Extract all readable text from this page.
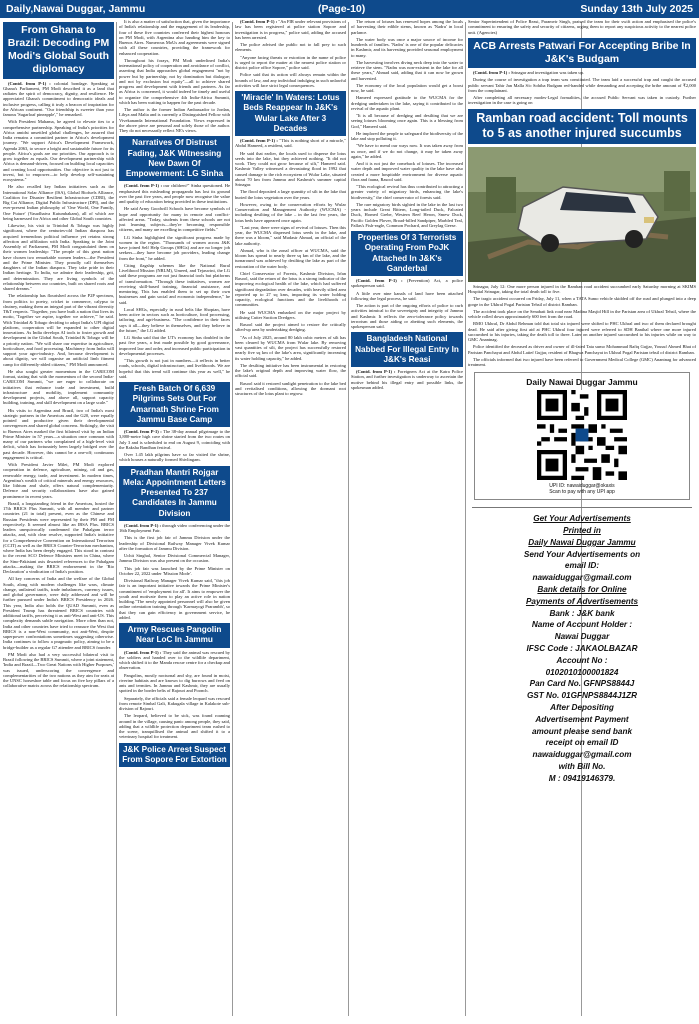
Daily,Nawai Duggar, Jammu	(Page-10)	Sunday 13th July 2025
From Ghana to Brazil: Decoding PM Modi's Global South diplomacy

(Contd. from P-1) : colonial bondage. Speaking at Ghana's Parliament, PM Modi described it as a land that radiates the spirit of democracy, dignity, and resilience. He appreciated Ghana's commitment to democratic ideals and inclusive progress, calling it truly a beacon of inspiration for the African continent. "Our friendship is sweeter than your famous 'Sugarloaf pineapple'," he remarked.

With President Mahama, he agreed to elevate ties to a comprehensive partnership. Speaking of India's priorities for Africa amidst unsettled global challenges, he assured that India remains a committed partner in Africa's development journey. "We support Africa's Development Framework, Agenda 2063, to secure a bright and sustainable future for its people. Africa's goals are our priorities. Our approach is to grow together as equals. Our development partnership with Africa is demand-driven, focused on building local capacities and creating local opportunities. Our objective is not just to invest, but to empower—to help develop self-sustaining ecosystems."

He also recalled key Indian initiatives such as the International Solar Alliance (ISA), Global Biofuels Alliance, Coalition for Disaster Resilient Infrastructure (CDRI), the Big Cat Alliance, Digital Public Infrastructure (DPI), and the ever-present Indian philosophy of 'One World, One Family, One Future' (Vasudhaiva Kutumbakam), all of which are being harnessed for Africa and other Global South countries.

Likewise, his visit to Trinidad & Tobago was highly significant, where the centuries-old Indian diaspora has acquired tremendous political influence yet retains strong affection and affiliation with India. Speaking to the Joint Assembly of Parliament, PM Modi congratulated them on their women leadership: "The people of this great nation have chosen two remarkable women leaders—the President and the Prime Minister. They proudly call themselves daughters of the Indian diaspora. They take pride in their Indian heritage. To India, we admire their leadership, grit, and determination. They are living symbols of the relationship between our countries, built on shared roots and shared dreams."

The relationship has flourished across the P2P spectrum, from politics to poetry, cricket to commerce, calypso to chutney, making them an integral part of the vibrant diversity T&T respects. "Together, you have built a nation that lives its motto, 'Together we aspire, together we achieve,'" he said. With Trinidad & Tobago deciding to adopt India's UPI digital platform, cooperation will be expanded to other digital innovations. As India develops AI tools to foster growth and development in the Global South, Trinidad & Tobago will be a priority nation. "We will share our expertise in agriculture, horticulture, and food processing. Machinery from India will support your agro-industry. And, because development is about dignity, we will organise an artificial limb fitment camp for differently-abled citizens," PM Modi announced.

He also sought greater momentum in the CARICOM format, stating that with the momentum of the second India-CARICOM Summit, "we are eager to collaborate on initiatives that enhance trade and investment, build infrastructure and mobility, implement community development projects, and above all, support capacity building, training, and skill development on a large scale."

His visits to Argentina and Brazil, two of India's most strategic partners in the Americas and the G20, were equally pointed and productive given their developmental convergences and shared global concerns. Strikingly, the visit to Buenos Aires marked the first bilateral visit by an Indian Prime Minister in 57 years—a situation once common with many of our partners who complained of a high-level visit deficit, which has fortunately been largely bridged over the past decade. However, this cannot be a one-off; continuous engagement is critical.

With President Javier Milei, PM Modi explored cooperation in defence, agriculture, mining, oil and gas, renewable energy, trade, and investment. In modern times, Argentina's wealth of critical minerals and energy resources, like lithium and shale, offers natural complementarity. Defence and security collaborations have also gained prominence in recent years.

Brazil, a longstanding friend in the Americas, hosted the 17th BRICS Plus Summit, with all member and partner countries (21 in total) present, even as the Chinese and Russian Presidents were represented by their PM and FM respectively. It seemed almost like an IBSA Plus. BRICS leaders unequivocally condemned the Pahalgam terror attacks, and, with clear resolve, supported India's initiative for a Comprehensive Convention on International Terrorism (CCIT) as well as the BRICS Counter-Terrorism mechanism, where India has been deeply engaged. This stood in contrast to the recent SCO Defence Ministers meet in China, where the Sino-Pakistani axis thwarted references to the Pahalgam attacks—making the BRICS endorsement in the 'Rio Declaration' a vindication of India's position.

All key concerns of India and the welfare of the Global South, along with modern challenges like wars, climate change, unilateral tariffs, trade imbalances, currency issues, and global governance, were duly addressed and will be further pursued under India's BRICS Presidency in 2026. This year, India also holds the QUAD Summit, even as President Trump has threatened BRICS countries with additional tariffs, perceiving it as anti-West and anti-US. This complexity demands subtle navigation. More often than not, India and other countries have tried to reassure the West that BRICS is a non-West community, not anti-West, despite superpower confrontations sometimes suggesting otherwise. India continues to follow a pragmatic policy, aiming to be a bridge-builder as a regular G7 attendee and BRICS founder.

PM Modi also had a very successful bilateral visit to Brazil following the BRICS Summit, where a joint statement, 'India and Brazil—Two Great Nations with Higher Purposes,' was issued, underscoring the convergence and complementarities of the two nations as they aim for seats at the UNSC horseshoe table and focus on five key pillars of a collaborative matrix across the relationship spectrum.

It is also a matter of satisfaction that, given the importance of India's relationship and the engagement of its leadership, four of these five countries conferred their highest honours on PM Modi, with Argentina also handing him the key to Buenos Aires. Numerous MoUs and agreements were signed with all these countries, providing the framework for enhanced cooperation.

Throughout his forays, PM Modi underlined India's international policy of cooperation and avoidance of conflict, asserting that India approaches global engagement "not by power but by partnership; not by domination but dialogue; and not by exclusion but equity"—all to achieve shared progress and development with friends and partners. As far as Africa is concerned, it would indeed be timely and useful to organize the comprehensive 4th India-Africa Summit, which has been waiting to happen for the past decade.

The author is the former Indian Ambassador to Jordan, Libya and Malta and is currently a Distinguished Fellow with Vivekananda International Foundation. Views expressed in the above piece are personal and solely those of the author. They do not necessarily reflect NE's views.

Narratives Of Distrust Fading, J&K Witnessing New Dawn Of Empowerment: LG Sinha

(Contd. from P-1) : our children?" Sinha questioned. He emphasised this misleading propaganda has lost its ground over the past five years, and people now recognise the value and quality of education being provided in these institutions.

He said Army Goodwill Schools have become symbols of hope and opportunity for many in remote and conflict-affected areas. "Today, students from these schools are not just learning subjects—they're becoming responsible citizens, and many are excelling in competitive fields."

LG Sinha highlighted the significant progress made by women in the region. "Thousands of women across J&K have joined Self Help Groups (SHGs) and are no longer job seekers—they have become job providers, leading change from the front," he added.

Citing flagship schemes like the National Rural Livelihood Mission (NRLM), Umeed, and Tejaswini, the LG said these programs are not just financial tools but platforms of transformation. "Through these initiatives, women are receiving skill-based training, financial assistance, and mentoring. This has enabled them to set up their own businesses and gain social and economic independence," he said.

Local SHGs, especially in rural belts like Shopian, have been active in sectors such as horticulture, food processing, tailoring, and agri-business. "The confidence in their faces says it all—they believe in themselves, and they believe in the future," the LG added.

LG Sinha said that the UT's economy has doubled in the past five years, a feat made possible by good governance, improved law and order, and increased public participation in developmental processes.

"This growth is not just in numbers—it reflects in better roads, schools, digital infrastructure, and livelihoods. We are hopeful that this trend will continue this year as well," he said.

Fresh Batch Of 6,639 Pilgrims Sets Out For Amarnath Shrine From Jammu Base Camp

(Contd. from P-1) : The 38-day annual pilgrimage to the 3,880-metre high cave shrine started from the two routes on July 3 and is scheduled to end on August 9, coinciding with the Raksha Bandhan festival.

Over 1.45 lakh pilgrims have so far visited the shrine, which houses a naturally formed Shivlingam.

Pradhan Mantri Rojgar Mela: Appointment Letters Presented To 237 Candidates In Jammu Division

(Contd. from P-1) : through video conferencing under the 16th Employment Fair.

This is the first job fair of Jammu Division under the leadership of Divisional Railway Manager Vivek Kumar after the formation of Jammu Division.

Uchit Singhal, Senior Divisional Commercial Manager, Jammu Division was also present on the occasion.

This job fair was launched by the Prime Minister on October 22, 2022 under 'Mission Mode'.

Divisional Railway Manager Vivek Kumar said, "this job fair is an important initiative towards the Prime Minister's commitment of 'employment for all'. It aims to empower the youth and motivate them to play an active role in nation building."The newly appointed personnel will also be given online orientation training through 'Karmayogi Prarambh', so that they can gain efficiency in government service, he added.

Army Rescues Pangolin Near LoC In Jammu

(Contd. from P-1) : They said the animal was rescued by the soldiers and handed over to the wildlife department, which shifted it to the Manda rescue centre for a checkup and observation.

Pangolins, mostly nocturnal and shy, are found in moist, riverine habitats and are known to dig burrows and feed on ants and termites. In Jammu and Kashmir, they are usually spotted in the border belts of Rajouri and Poonch.

Separately, the officials said a female leopard was rescued from remote Simbal Gali, Kakugala village in Kalakote sub-division of Rajouri.

The leopard, believed to be sick, was found roaming around in the village, causing panic among people, they said, adding that a wildlife protection department team rushed to the scene, tranquillised the animal and shifted it to a veterinary hospital for treatment.

J&K Police Arrest Suspect From Sopore For Extortion

(Contd. from P-1) : "An FIR under relevant provisions of law has been registered at police station Sopore and investigation is in progress," police said, adding the accused has been arrested.

The police advised the public not to fall prey to such elements.

"Anyone facing threats or extortion in the name of police is urged to report the matter at the nearest police station or district police office Sopore," police said.

Police said that its action will always remain within the bounds of law, and any individual indulging in such unlawful activities will face strict legal consequences.

'Miracle' In Waters: Lotus Beds Reappear In J&K's Wular Lake After 3 Decades

(Contd. from P-1) : "This is nothing short of a miracle," Abdul Hameed, a resident, said.

He said that earlier, the locals used to disperse the lotus seeds into the lake, but they achieved nothing. "It did not work. They could not grow because of silt," Hameed said. Kashmir Valley witnessed a devastating flood in 1992 that caused damage to the rich ecosystem of Wular Lake, situated about 70 km from Jammu and Kashmir's summer capital Srinagar.

The flood deposited a large quantity of silt in the lake that buried the lotus vegetation over the years.

However, owing to the conservation efforts by Wular Conservation and Management Authority (WUCMA) - including desilting of the lake – in the last few years, the lotus beds have appeared once again.

"Last year, there were signs of revival of lotuses. Then this year, the WUCMA dispersed lotus seeds in the lake, and there was a bloom," said Mudasir Ahmad, an official of the lake authority.

Ahmad, who is the zonal officer at WUCMA, said the bloom has spread to nearly three sq km of the lake, and the turnaround was achieved by desilting the lake as part of the restoration of the water body.

Chief Conservator of Forests, Kashmir Division, Irfan Rasool, said the return of the lotus is a strong indicator of the improving ecological health of the lake, which had suffered significant degradation over decades, with heavily silted area reported up to 27 sq kms, impacting its water holding capacity, ecological functions and the livelihoods of communities.

He said WUCMA embarked on the major project by utilising Cutter Suction Dredgers.

Rasool said the project aimed to restore the critically silted-up area by undertaking dredging.

"As of July 2025, around 80 lakh cubic metres of silt has been cleared by WUCMA from Wular lake. By removing vast quantities of silt, the project has successfully restored nearly five sq km of the lake's area, significantly increasing its water holding capacity," he added.

The desilting initiative has been instrumental in restoring the lake's original depth and improving water flow, the official said.

Rasool said it restored sunlight penetration to the lake bed and revitalised conditions, allowing the dormant root structures of the lotus plant to regrow.

The return of lotuses has renewed hopes among the locals of harvesting their edible stems, known as 'Nadru' in local parlance.

The water body was once a major source of income for hundreds of families. 'Nadru' is one of the popular delicacies in Kashmir, and its harvesting provided seasonal employment to many.

The harvesting involves diving neck deep into the water to retrieve the stem. "Nadru was non-existent in the lake for all these years," Ahmad said, adding that it can now be grown and harvested.

The economy of the local population would get a boost now, he said.

Hameed expressed gratitude to the WUCMA for the dredging undertaken in the lake, saying it contributed to the revival of the aquatic plant.

"It is all because of dredging and desilting that we are seeing lotuses blooming once again. This is a blessing from God," Hameed said.

He implored the people to safeguard the biodiversity of the lake and stop polluting it.

"We have to mend our ways now. It was taken away from us once, and if we do not change, it may be taken away again," he added.

And it is not just the comeback of lotuses. The increased water depth and improved water quality in the lake have also created a more hospitable environment for diverse aquatic flora and fauna, Rasool said.

"This ecological revival has thus contributed to attracting a greater variety of migratory birds, enhancing the lake's biodiversity," the chief conservator of forests said.

The rare migratory birds sighted in the lake in the last two years include Great Bittern, Long-tailed Duck, Falcated Duck, Horned Grebe, Western Reef Heron, Smew Duck, Pacific Golden Plover, Broad-billed Sandpiper, Marbled Teal, Pallas's Fish-eagle, Common Pochard, and Greylag Geese.

Properties Of 3 Terrorists Operating From PoJK Attached In J&K's Ganderbal

(Contd. from P-1) : (Prevention) Act, a police spokesperson said.

A little over nine kanals of land have been attached following due legal process, he said.

The action is part of the ongoing efforts of police to curb activities inimical to the sovereignty and integrity of Jammu and Kashmir. It reflects the zero-tolerance policy towards terrorism and those aiding or abetting such elements, the spokesperson said.

Bangladesh National Nabbed For Illegal Entry In J&K's Reasi

(Contd. from P-1) : Foreigners Act at the Katra Police Station, and further investigation is underway to ascertain the motive behind his illegal entry and possible links, the spokesman added.

Senior Superintendent of Police Reasi, Paramvir Singh, praised the team for their swift action and emphasised the police's commitment to ensuring the safety and security of citizens, urging them to report any suspicious activity to the nearest police unit. (Agencies)

ACB Arrests Patwari For Accepting Bribe In J&K's Budgam

(Contd. from P-1) : Srinagar and investigation was taken up.

During the course of investigation a trap team was constituted. The team laid a successful trap and caught the accused public servant Tahir Jan Malla S/o Sohiba Budgam red-handed while demanding and accepting the bribe amount of ₹2,000 from the complainant.

After completing all necessary modes-Legal formalities, the accused Public Servant was taken in custody. Further investigation in the case is going on

Ramban road accident: Toll mounts to 5 as another injured succumbs

Srinagar, July 12: One more person injured in the Ramban road accident succumbed early Saturday morning at SKIMS Hospital Srinagar, taking the total death toll to five.

The tragic accident occurred on Friday, July 11, when a TATA Sumo vehicle skidded off the road and plunged into a deep gorge in the Ukhral Pogal Paristan Tehsil of district Ramban.

The accident took place on the Senabati link road near Madina Masjid Hill in the Paristan area of Ukhral Tehsil, where the vehicle rolled down approximately 600 feet from the road.

BMO Ukhral, Dr Abdul Rehman told that total six injured were shifted to PHC Ukhral and two of them declared brought dead. He said after giving first aid at PHC Ukhral four injured were referred to SDH Banihal where one more injured succumbed to his injuries, taking the death toll to three. Later on another injured succumbed to his injuries while on way to GMC Anantnag.

Police identified the deceased as driver and owner of ill-fated Tata sumo Mohammad Rafiq Gujjar, Yousuf Ahmed Bhat of Paristan Panchayat and Abdul Latief Gujjar, resident of Bhagwa Panchayat in Ukhral Pogal Paristan tehsil of district Ramban.

The officials informed that two injured have been referred to Government Medical College (GMC) Anantnag for advanced treatment.

Daily Nawai Duggar Jammu
UPI ID: nawaiduggar@okaxis
Scan to pay with any UPI app
Get Your Advertisements
Printed in
Daily Nawai Duggar Jammu
Send Your Advertisements on
email ID:
nawaiduggar@gmail.com
Bank details for Online
Payments of Advertisements
Bank : J&K bank
Name of Account Holder :
Nawai Duggar
IFSC Code : JAKAOLBAZAR
Account No :
0102010100001824
Pan Card No. GFNPS8844J
GST No. 01GFNPS8844J1ZR
After Depositing
Advertisement Payment
amount please send bank
receipt on email ID
nawaiduggar@gmail.com
with Bill No.
M : 09419146379.
